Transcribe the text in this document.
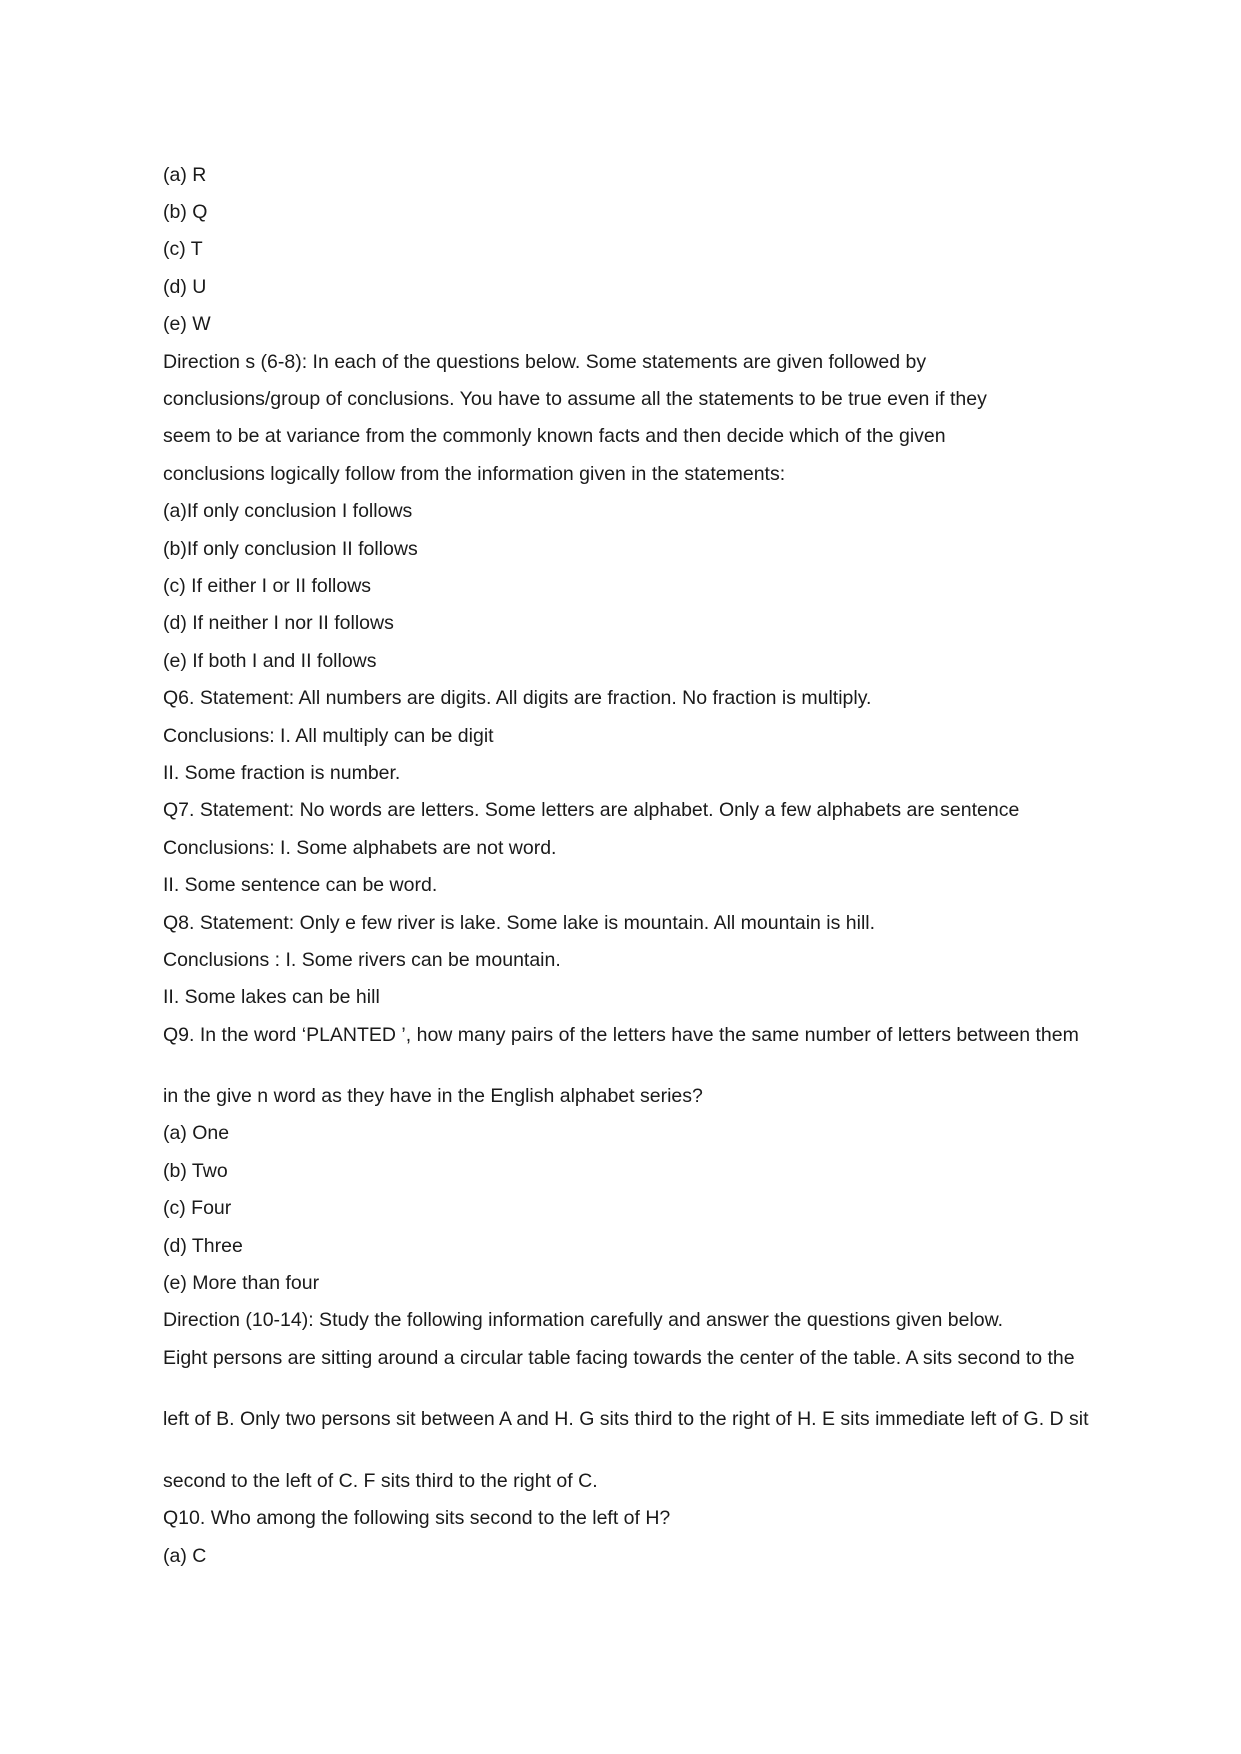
(a) R
(b) Q
(c) T
(d) U
(e) W
Direction s (6-8): In each of the questions below. Some statements are given followed by
conclusions/group of conclusions. You have to assume all the statements to be true even if they
seem to be at variance from the commonly known facts and then decide which of the given
conclusions logically follow from the information given in the statements:
(a)If only conclusion I follows
(b)If only conclusion II follows
(c) If either I or II follows
(d) If neither I nor II follows
(e) If both I and II follows
Q6. Statement: All numbers are digits. All digits are fraction. No fraction is multiply.
Conclusions: I. All multiply can be digit
II. Some fraction is number.
Q7. Statement: No words are letters. Some letters are alphabet. Only a few alphabets are sentence
Conclusions: I. Some alphabets are not word.
II. Some sentence can be word.
Q8. Statement: Only e few river is lake. Some lake is mountain. All mountain is hill.
Conclusions : I. Some rivers can be mountain.
II. Some lakes can be hill
Q9. In the word ‘PLANTED ’, how many pairs of the letters have the same number of letters between them
in the give n word as they have in the English alphabet series?
(a) One
(b) Two
(c) Four
(d) Three
(e) More than four
Direction (10-14): Study the following information carefully and answer the questions given below.
Eight persons are sitting around a circular table facing towards the center of the table. A sits second to the
left of B. Only two persons sit between A and H. G sits third to the right of H. E sits immediate left of G. D sit
second to the left of C. F sits third to the right of C.
Q10. Who among the following sits second to the left of H?
(a) C
